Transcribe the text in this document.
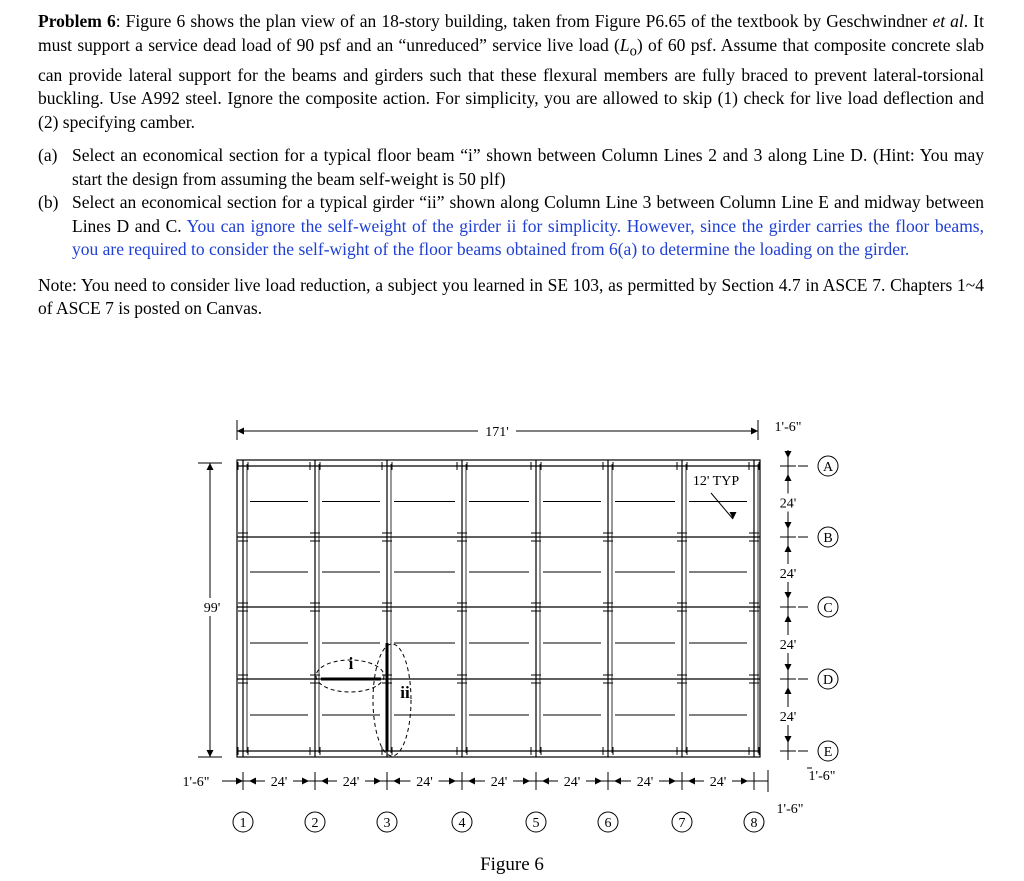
Problem 6: Figure 6 shows the plan view of an 18-story building, taken from Figure P6.65 of the textbook by Geschwindner et al. It must support a service dead load of 90 psf and an “unreduced” service live load $(L_o)$ of 60 psf. Assume that composite concrete slab can provide lateral support for the beams and girders such that these flexural members are fully braced to prevent lateral-torsional buckling. Use A992 steel. Ignore the composite action. For simplicity, you are allowed to skip (1) check for live load deflection and (2) specifying camber.

(a) Select an economical section for a typical floor beam “i” shown between Column Lines 2 and 3 along Line D. (Hint: You may start the design from assuming the beam self-weight is 50 plf)

(b) Select an economical section for a typical girder “ii” shown along Column Line 3 between Column Line E and midway between Lines D and C. You can ignore the self-weight of the girder ii for simplicity. However, since the girder carries the floor beams, you are required to consider the self-wight of the floor beams obtained from 6(a) to determine the loading on the girder.

Note: You need to consider live load reduction, a subject you learned in SE 103, as permitted by Section 4.7 in ASCE 7. Chapters 1~4 of ASCE 7 is posted on Canvas.

171'
99'
1'-6"
A
B
C
D
E
24'
24'
24'
24'
1'-6"
1'-6"
1	2	3	4	5	6	7	8
24'	24'	24'	24'	24'	24'	24'
1'-6"
i
ii
12' TYP
Figure 6
